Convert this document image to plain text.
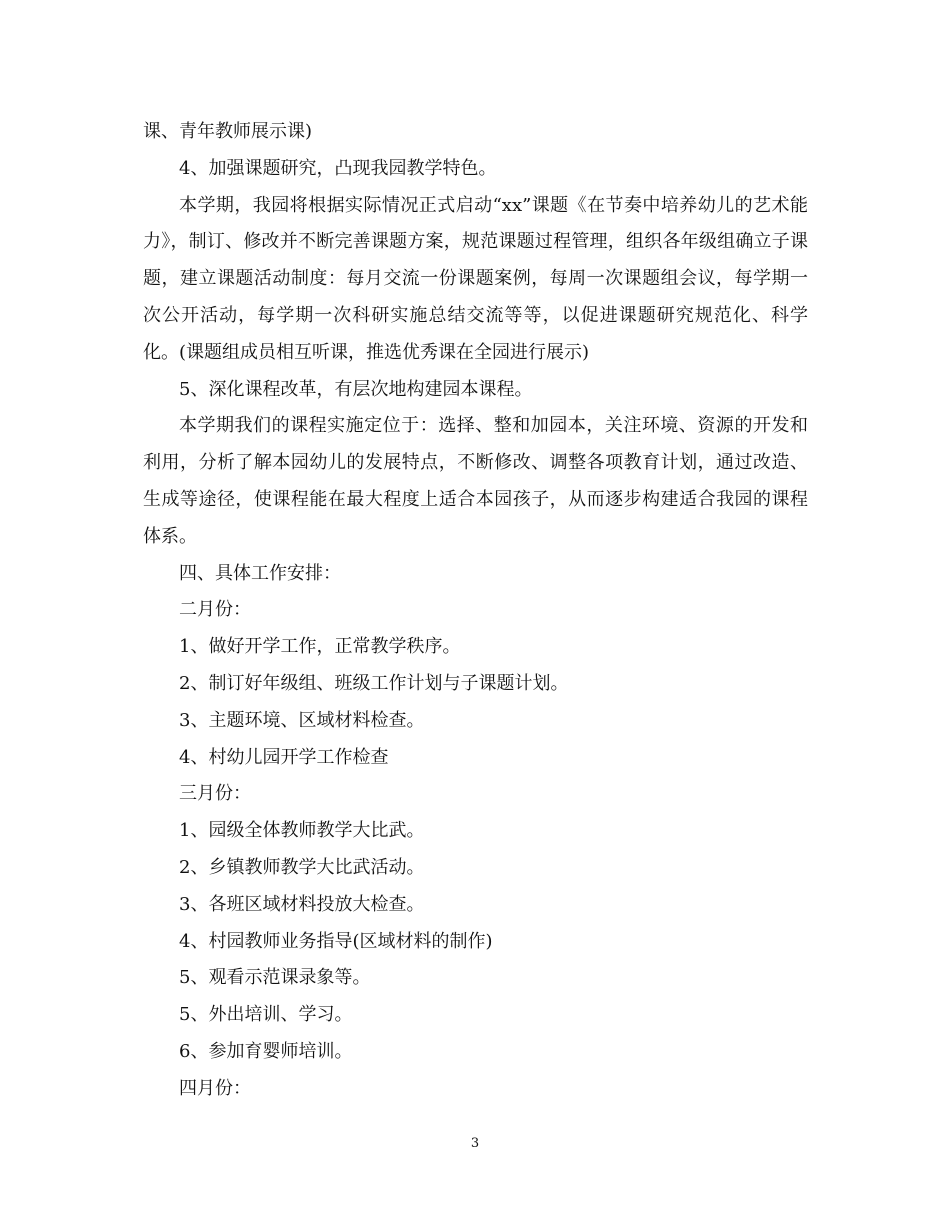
课、青年教师展示课)

4、加强课题研究，凸现我园教学特色。

本学期，我园将根据实际情况正式启动“xx”课题《在节奏中培养幼儿的艺术能力》，制订、修改并不断完善课题方案，规范课题过程管理，组织各年级组确立子课题，建立课题活动制度：每月交流一份课题案例，每周一次课题组会议，每学期一次公开活动，每学期一次科研实施总结交流等等，以促进课题研究规范化、科学化。(课题组成员相互听课，推选优秀课在全园进行展示)

5、深化课程改革，有层次地构建园本课程。

本学期我们的课程实施定位于：选择、整和加园本，关注环境、资源的开发和利用，分析了解本园幼儿的发展特点，不断修改、调整各项教育计划，通过改造、生成等途径，使课程能在最大程度上适合本园孩子，从而逐步构建适合我园的课程体系。

四、具体工作安排：

二月份：

1、做好开学工作，正常教学秩序。

2、制订好年级组、班级工作计划与子课题计划。

3、主题环境、区域材料检查。

4、村幼儿园开学工作检查

三月份：

1、园级全体教师教学大比武。

2、乡镇教师教学大比武活动。

3、各班区域材料投放大检查。

4、村园教师业务指导(区域材料的制作)

5、观看示范课录象等。

5、外出培训、学习。

6、参加育婴师培训。

四月份：

3
